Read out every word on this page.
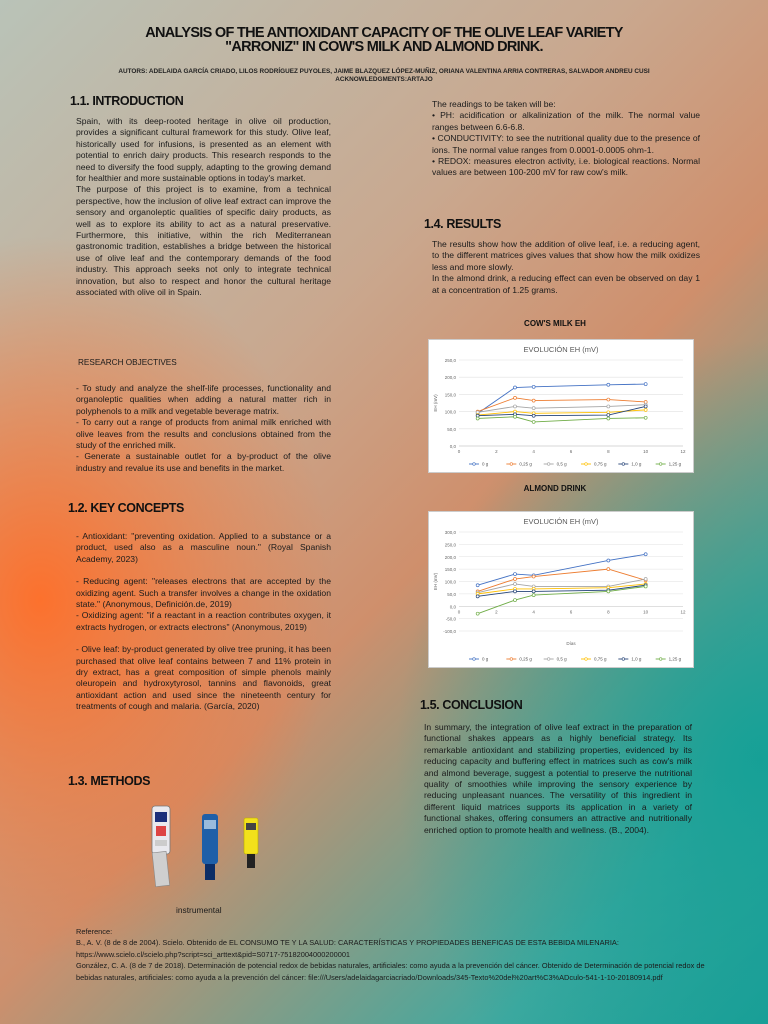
ANALYSIS OF THE ANTIOXIDANT CAPACITY OF THE OLIVE LEAF VARIETY
"ARRONIZ" IN COW'S MILK AND ALMOND DRINK.
AUTORS: ADELAIDA GARCÍA CRIADO, LILOS RODRÍGUEZ PUYOLES, JAIME BLAZQUEZ LÓPEZ-MUÑIZ, ORIANA VALENTINA ARRIA CONTRERAS, SALVADOR ANDREU CUSI
ACKNOWLEDGMENTS:ARTAJO
1.1. INTRODUCTION
Spain, with its deep-rooted heritage in olive oil production, provides a significant cultural framework for this study. Olive leaf, historically used for infusions, is presented as an element with potential to enrich dairy products. This research responds to the need to diversify the food supply, adapting to the growing demand for healthier and more sustainable options in today's market.
The purpose of this project is to examine, from a technical perspective, how the inclusion of olive leaf extract can improve the sensory and organoleptic qualities of specific dairy products, as well as to explore its ability to act as a natural preservative. Furthermore, this initiative, within the rich Mediterranean gastronomic tradition, establishes a bridge between the historical use of olive leaf and the contemporary demands of the food industry. This approach seeks not only to integrate technical innovation, but also to respect and honor the cultural heritage associated with olive oil in Spain.
RESEARCH OBJECTIVES
- To study and analyze the shelf-life processes, functionality and organoleptic qualities when adding a natural matter rich in polyphenols to a milk and vegetable beverage matrix.
- To carry out a range of products from animal milk enriched with olive leaves from the results and conclusions obtained from the study of the enriched milk.
- Generate a sustainable outlet for a by-product of the olive industry and revalue its use and benefits in the market.
1.2. KEY CONCEPTS
- Antioxidant: "preventing oxidation. Applied to a substance or a product, used also as a masculine noun." (Royal Spanish Academy, 2023)
- Reducing agent: "releases electrons that are accepted by the oxidizing agent. Such a transfer involves a change in the oxidation state." (Anonymous, Definición.de, 2019)
- Oxidizing agent: "if a reactant in a reaction contributes oxygen, it extracts hydrogen, or extracts electrons" (Anonymous, 2019)
- Olive leaf: by-product generated by olive tree pruning, it has been purchased that olive leaf contains between 7 and 11% protein in dry extract, has a great composition of simple phenols mainly oleuropein and hydroxytyrosol, tannins and flavonoids, great antioxidant action and used since the nineteenth century for treatments of cough and malaria. (García, 2020)
1.3. METHODS
instrumental
The readings to be taken will be:
• PH: acidification or alkalinization of the milk. The normal value ranges between 6.6-6.8.
• CONDUCTIVITY: to see the nutritional quality due to the presence of ions. The normal value ranges from 0.0001-0.0005 ohm-1.
• REDOX: measures electron activity, i.e. biological reactions. Normal values are between 100-200 mV for raw cow's milk.
1.4. RESULTS
The results show how the addition of olive leaf, i.e. a reducing agent, to the different matrices gives values that show how the milk oxidizes less and more slowly.
In the almond drink, a reducing effect can even be observed on day 1 at a concentration of 1.25 grams.
COW'S MILK EH
EVOLUCIÓN EH (mV)
0,0
50,0
100,0
150,0
200,0
250,0
0	2	4	6	8	10	12
EH (mV)
0 g	0,25 g	0,5 g	0,75 g	1,0 g	1,25 g
ALMOND DRINK
EVOLUCIÓN EH (mV)
-100,0
-50,0
0,0
50,0
100,0
150,0
200,0
250,0
300,0
0	2	4	6	8	10	12
EH (mV)
Días
0 g	0,25 g	0,5 g	0,75 g	1,0 g	1,25 g
1.5. CONCLUSION
In summary, the integration of olive leaf extract in the preparation of functional shakes appears as a highly beneficial strategy. Its remarkable antioxidant and stabilizing properties, evidenced by its reducing capacity and buffering effect in matrices such as cow's milk and almond beverage, suggest a potential to preserve the nutritional quality of smoothies while improving the sensory experience by reducing unpleasant nuances. The versatility of this ingredient in different liquid matrices supports its application in a variety of functional shakes, offering consumers an attractive and nutritionally enriched option to promote health and wellness. (B., 2004).
Reference:
B., A. V. (8 de 8 de 2004). Scielo. Obtenido de EL CONSUMO TE Y LA SALUD: CARACTERÍSTICAS Y PROPIEDADES BENEFICAS DE ESTA BEBIDA MILENARIA: https://www.scielo.cl/scielo.php?script=sci_arttext&pid=S0717-75182004000200001
González, C. A. (8 de 7 de 2018). Determinación de potencial redox de bebidas naturales, artificiales: como ayuda a la prevención del cáncer. Obtenido de Determinación de potencial redox de bebidas naturales, artificiales: como ayuda a la prevención del cáncer: file:///Users/adelaidagarciacriado/Downloads/345-Texto%20del%20art%C3%ADculo-541-1-10-20180914.pdf
